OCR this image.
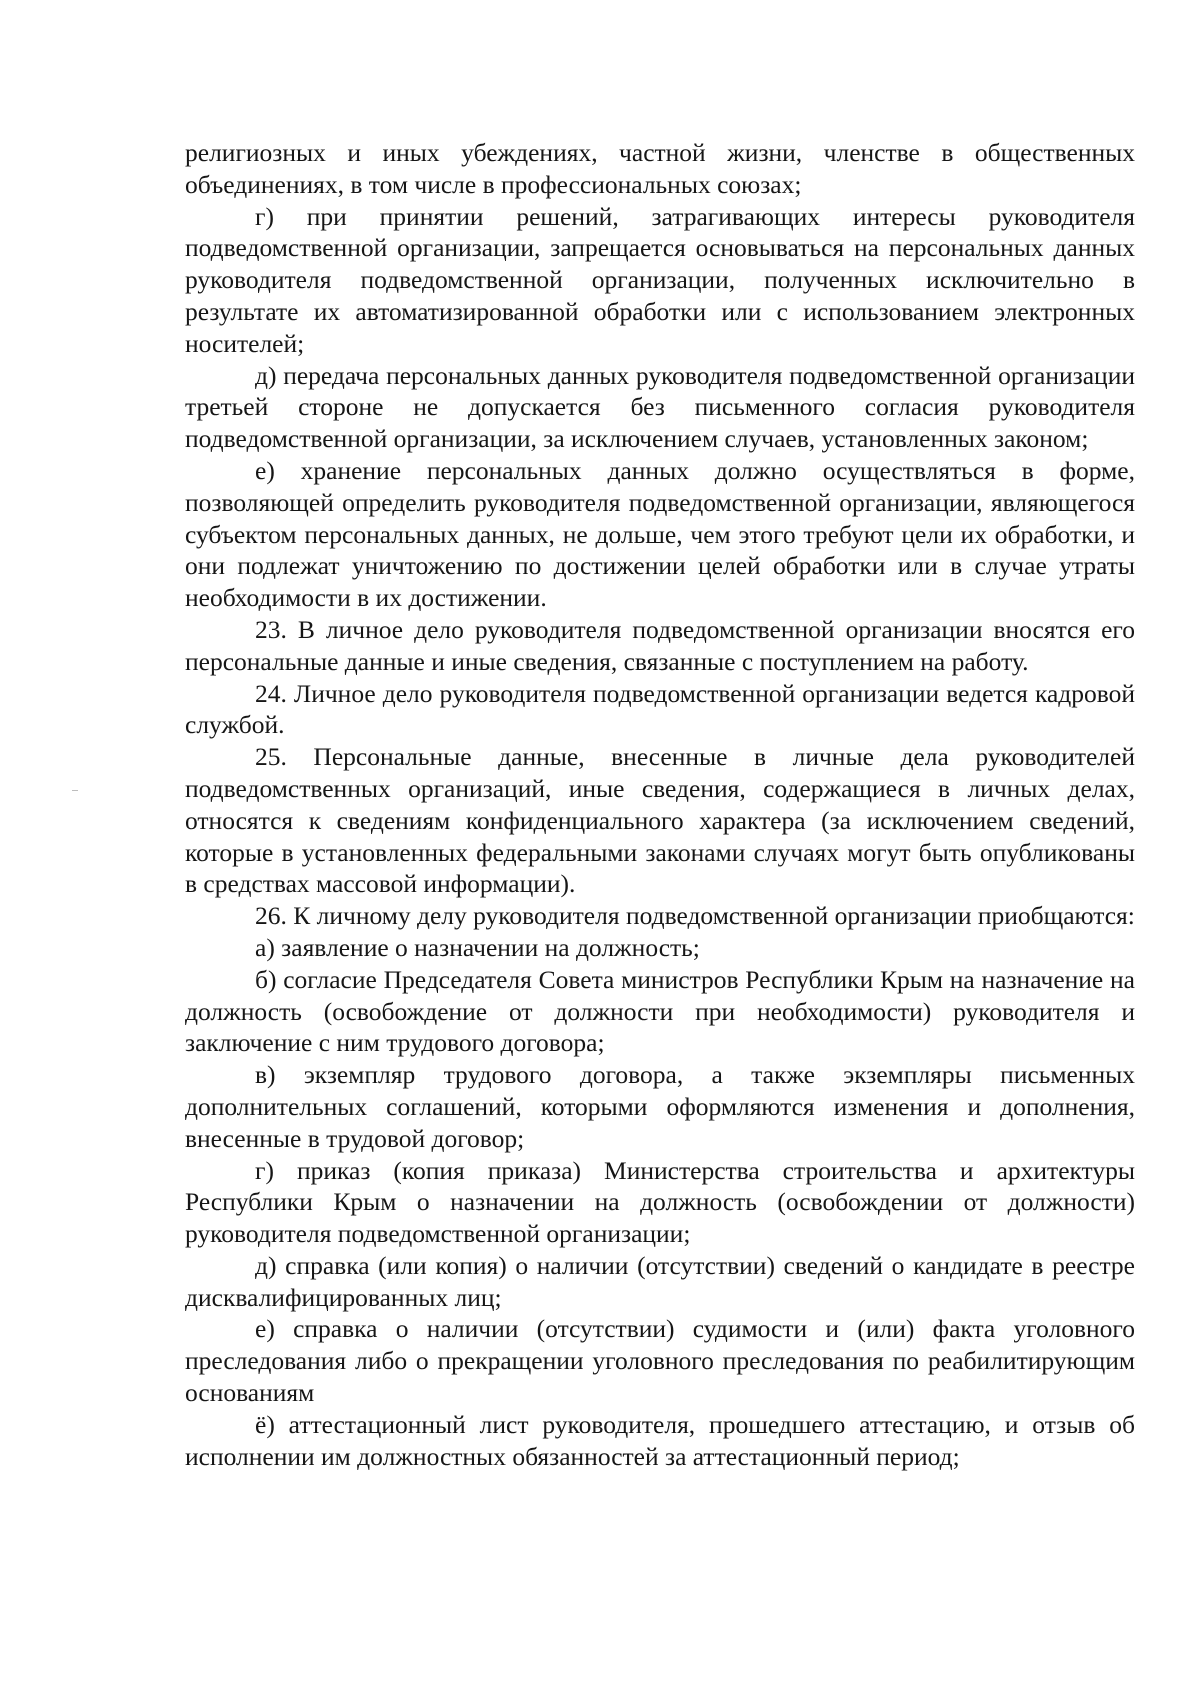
религиозных и иных убеждениях, частной жизни, членстве в общественных объединениях, в том числе в профессиональных союзах;

г) при принятии решений, затрагивающих интересы руководителя подведомственной организации, запрещается основываться на персональных данных руководителя подведомственной организации, полученных исключительно в результате их автоматизированной обработки или с использованием электронных носителей;

д) передача персональных данных руководителя подведомственной организации третьей стороне не допускается без письменного согласия руководителя подведомственной организации, за исключением случаев, установленных законом;

е) хранение персональных данных должно осуществляться в форме, позволяющей определить руководителя подведомственной организации, являющегося субъектом персональных данных, не дольше, чем этого требуют цели их обработки, и они подлежат уничтожению по достижении целей обработки или в случае утраты необходимости в их достижении.

23. В личное дело руководителя подведомственной организации вносятся его персональные данные и иные сведения, связанные с поступлением на работу.

24. Личное дело руководителя подведомственной организации ведется кадровой службой.

25. Персональные данные, внесенные в личные дела руководителей подведомственных организаций, иные сведения, содержащиеся в личных делах, относятся к сведениям конфиденциального характера (за исключением сведений, которые в установленных федеральными законами случаях могут быть опубликованы в средствах массовой информации).

26. К личному делу руководителя подведомственной организации приобщаются:

а) заявление о назначении на должность;

б) согласие Председателя Совета министров Республики Крым на назначение на должность (освобождение от должности при необходимости) руководителя и заключение с ним трудового договора;

в) экземпляр трудового договора, а также экземпляры письменных дополнительных соглашений, которыми оформляются изменения и дополнения, внесенные в трудовой договор;

г) приказ (копия приказа) Министерства строительства и архитектуры Республики Крым о назначении на должность (освобождении от должности) руководителя подведомственной организации;

д) справка (или копия) о наличии (отсутствии) сведений о кандидате в реестре дисквалифицированных лиц;

е) справка о наличии (отсутствии) судимости и (или) факта уголовного преследования либо о прекращении уголовного преследования по реабилитирующим основаниям

ё) аттестационный лист руководителя, прошедшего аттестацию, и отзыв об исполнении им должностных обязанностей за аттестационный период;
